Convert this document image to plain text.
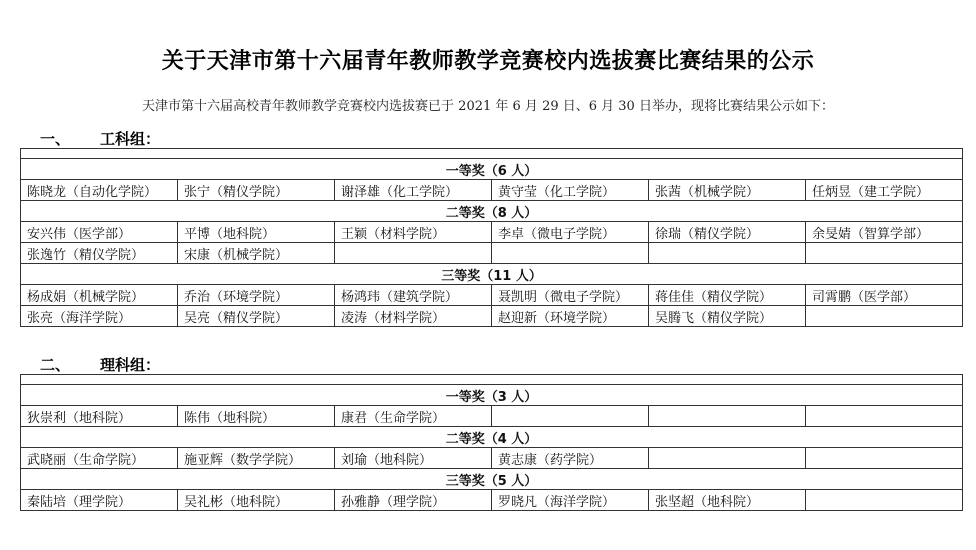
关于天津市第十六届青年教师教学竞赛校内选拔赛比赛结果的公示
天津市第十六届高校青年教师教学竞赛校内选拔赛已于 2021 年 6 月 29 日、6 月 30 日举办，现将比赛结果公示如下：
一、 工科组：

一等奖（6 人）					
陈晓龙（自动化学院）	张宁（精仪学院）	谢泽雄（化工学院）	黄守莹（化工学院）	张茜（机械学院）	任炳昱（建工学院）
二等奖（8 人）					
安兴伟（医学部）	平博（地科院）	王颖（材料学院）	李卓（微电子学院）	徐瑞（精仪学院）	余旻婧（智算学部）
张逸竹（精仪学院）	宋康（机械学院）				
三等奖（11 人）					
杨成娟（机械学院）	乔治（环境学院）	杨鸿玮（建筑学院）	聂凯明（微电子学院）	蒋佳佳（精仪学院）	司霄鹏（医学部）
张亮（海洋学院）	吴亮（精仪学院）	凌涛（材料学院）	赵迎新（环境学院）	吴腾飞（精仪学院）	
二、 理科组：

一等奖（3 人）					
狄崇利（地科院）	陈伟（地科院）	康君（生命学院）			
二等奖（4 人）					
武晓丽（生命学院）	施亚辉（数学学院）	刘瑜（地科院）	黄志康（药学院）		
三等奖（5 人）					
秦陆培（理学院）	吴礼彬（地科院）	孙雅静（理学院）	罗晓凡（海洋学院）	张坚超（地科院）	
